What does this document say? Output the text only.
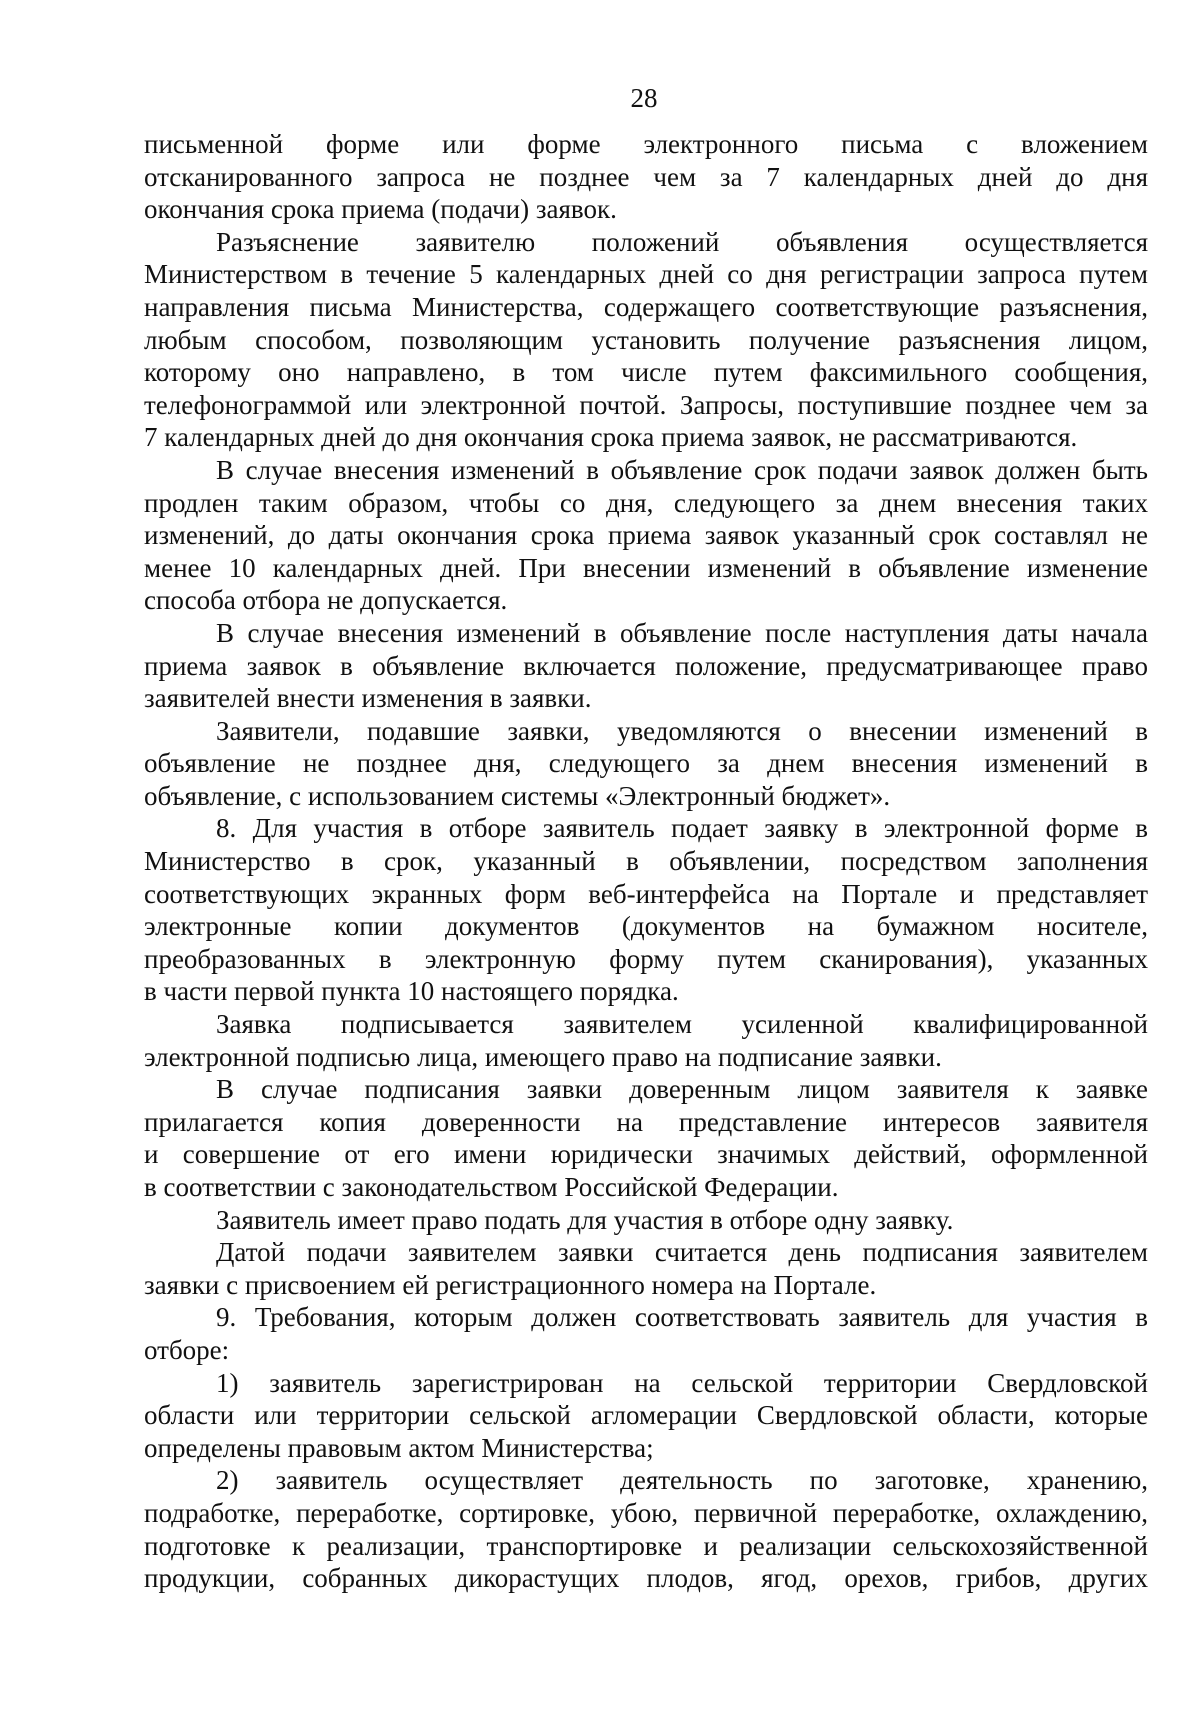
28
письменной форме или форме электронного письма с вложением
отсканированного запроса не позднее чем за 7 календарных дней до дня
окончания срока приема (подачи) заявок.
Разъяснение заявителю положений объявления осуществляется
Министерством в течение 5 календарных дней со дня регистрации запроса путем
направления письма Министерства, содержащего соответствующие разъяснения,
любым способом, позволяющим установить получение разъяснения лицом,
которому оно направлено, в том числе путем факсимильного сообщения,
телефонограммой или электронной почтой. Запросы, поступившие позднее чем за
7 календарных дней до дня окончания срока приема заявок, не рассматриваются.
В случае внесения изменений в объявление срок подачи заявок должен быть
продлен таким образом, чтобы со дня, следующего за днем внесения таких
изменений, до даты окончания срока приема заявок указанный срок составлял не
менее 10 календарных дней. При внесении изменений в объявление изменение
способа отбора не допускается.
В случае внесения изменений в объявление после наступления даты начала
приема заявок в объявление включается положение, предусматривающее право
заявителей внести изменения в заявки.
Заявители, подавшие заявки, уведомляются о внесении изменений в
объявление не позднее дня, следующего за днем внесения изменений в
объявление, с использованием системы «Электронный бюджет».
8. Для участия в отборе заявитель подает заявку в электронной форме в
Министерство в срок, указанный в объявлении, посредством заполнения
соответствующих экранных форм веб-интерфейса на Портале и представляет
электронные копии документов (документов на бумажном носителе,
преобразованных в электронную форму путем сканирования), указанных
в части первой пункта 10 настоящего порядка.
Заявка подписывается заявителем усиленной квалифицированной
электронной подписью лица, имеющего право на подписание заявки.
В случае подписания заявки доверенным лицом заявителя к заявке
прилагается копия доверенности на представление интересов заявителя
и совершение от его имени юридически значимых действий, оформленной
в соответствии с законодательством Российской Федерации.
Заявитель имеет право подать для участия в отборе одну заявку.
Датой подачи заявителем заявки считается день подписания заявителем
заявки с присвоением ей регистрационного номера на Портале.
9. Требования, которым должен соответствовать заявитель для участия в
отборе:
1) заявитель зарегистрирован на сельской территории Свердловской
области или территории сельской агломерации Свердловской области, которые
определены правовым актом Министерства;
2) заявитель осуществляет деятельность по заготовке, хранению,
подработке, переработке, сортировке, убою, первичной переработке, охлаждению,
подготовке к реализации, транспортировке и реализации сельскохозяйственной
продукции, собранных дикорастущих плодов, ягод, орехов, грибов, других
